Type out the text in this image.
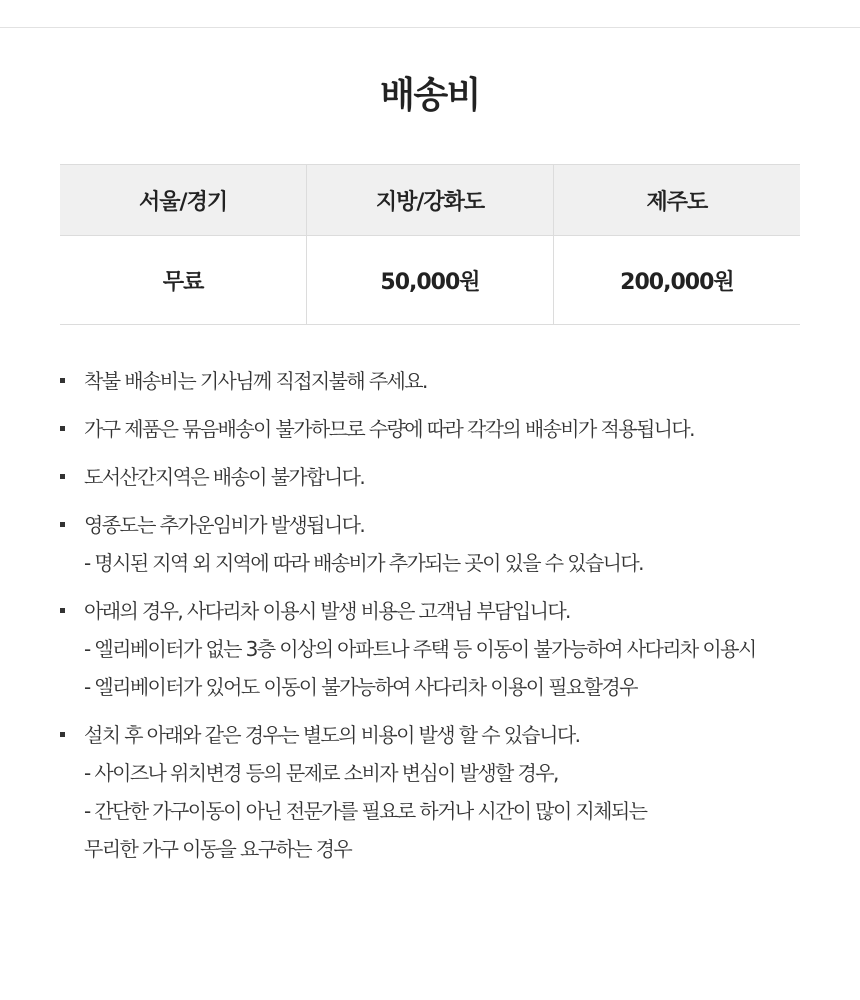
배송비
서울/경기	지방/강화도	제주도
무료	50,000원	200,000원
착불 배송비는 기사님께 직접지불해 주세요.
가구 제품은 묶음배송이 불가하므로 수량에 따라 각각의 배송비가 적용됩니다.
도서산간지역은 배송이 불가합니다.
영종도는 추가운임비가 발생됩니다.
- 명시된 지역 외 지역에 따라 배송비가 추가되는 곳이 있을 수 있습니다.
아래의 경우, 사다리차 이용시 발생 비용은 고객님 부담입니다.
- 엘리베이터가 없는 3층 이상의 아파트나 주택 등 이동이 불가능하여 사다리차 이용시
- 엘리베이터가 있어도 이동이 불가능하여 사다리차 이용이 필요할경우
설치 후 아래와 같은 경우는 별도의 비용이 발생 할 수 있습니다.
- 사이즈나 위치변경 등의 문제로 소비자 변심이 발생할 경우,
- 간단한 가구이동이 아닌 전문가를 필요로 하거나 시간이 많이 지체되는
무리한 가구 이동을 요구하는 경우
